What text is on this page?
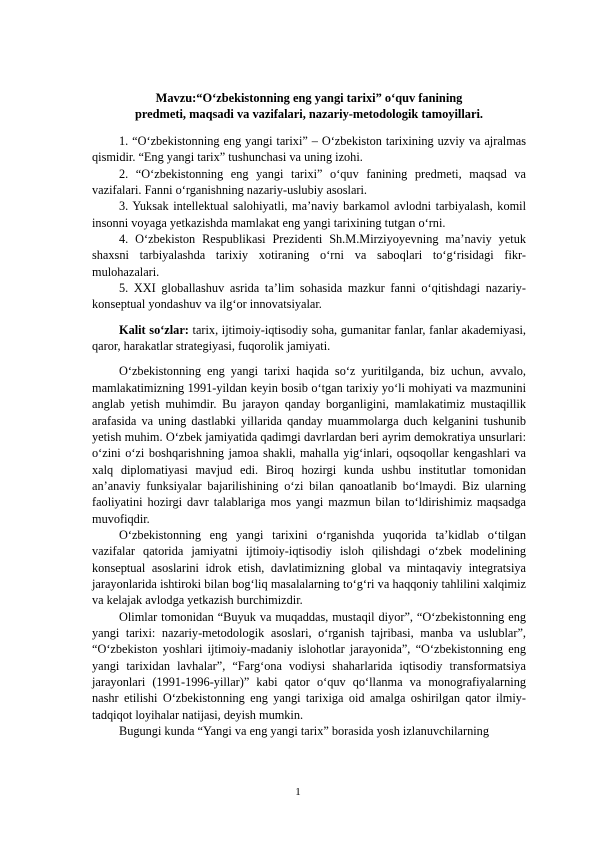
Mavzu:“O‘zbekistonning eng yangi tarixi” o‘quv fanining
predmeti, maqsadi va vazifalari, nazariy-metodologik tamoyillari.

1. “O‘zbekistonning eng yangi tarixi” – O‘zbekiston tarixining uzviy va ajralmas qismidir. “Eng yangi tarix” tushunchasi va uning izohi.

2. “O‘zbekistonning eng yangi tarixi” o‘quv fanining predmeti, maqsad va vazifalari. Fanni o‘rganishning nazariy-uslubiy asoslari.

3. Yuksak intellektual salohiyatli, ma’naviy barkamol avlodni tarbiyalash, komil insonni voyaga yetkazishda mamlakat eng yangi tarixining tutgan o‘rni.

4. O‘zbekiston Respublikasi Prezidenti Sh.M.Mirziyoyevning ma’naviy yetuk shaxsni tarbiyalashda tarixiy xotiraning o‘rni va saboqlari to‘g‘risidagi fikr-mulohazalari.

5. XXI globallashuv asrida ta’lim sohasida mazkur fanni o‘qitishdagi nazariy-konseptual yondashuv va ilg‘or innovatsiyalar.

Kalit so‘zlar: tarix, ijtimoiy-iqtisodiy soha, gumanitar fanlar, fanlar akademiyasi, qaror, harakatlar strategiyasi, fuqorolik jamiyati.

O‘zbekistonning eng yangi tarixi haqida so‘z yuritilganda, biz uchun, avvalo, mamlakatimizning 1991-yildan keyin bosib o‘tgan tarixiy yo‘li mohiyati va mazmunini anglab yetish muhimdir. Bu jarayon qanday borganligini, mamlakatimiz mustaqillik arafasida va uning dastlabki yillarida qanday muammolarga duch kelganini tushunib yetish muhim. O‘zbek jamiyatida qadimgi davrlardan beri ayrim demokratiya unsurlari: o‘zini o‘zi boshqarishning jamoa shakli, mahalla yig‘inlari, oqsoqollar kengashlari va xalq diplomatiyasi mavjud edi. Biroq hozirgi kunda ushbu institutlar tomonidan an’anaviy funksiyalar bajarilishining o‘zi bilan qanoatlanib bo‘lmaydi. Biz ularning faoliyatini hozirgi davr talablariga mos yangi mazmun bilan to‘ldirishimiz maqsadga muvofiqdir.

O‘zbekistonning eng yangi tarixini o‘rganishda yuqorida ta’kidlab o‘tilgan vazifalar qatorida jamiyatni ijtimoiy-iqtisodiy isloh qilishdagi o‘zbek modelining konseptual asoslarini idrok etish, davlatimizning global va mintaqaviy integratsiya jarayonlarida ishtiroki bilan bog‘liq masalalarning to‘g‘ri va haqqoniy tahlilini xalqimiz va kelajak avlodga yetkazish burchimizdir.

Olimlar tomonidan “Buyuk va muqaddas, mustaqil diyor”, “O‘zbekistonning eng yangi tarixi: nazariy-metodologik asoslari, o‘rganish tajribasi, manba va uslublar”, “O‘zbekiston yoshlari ijtimoiy-madaniy islohotlar jarayonida”, “O‘zbekistonning eng yangi tarixidan lavhalar”, “Farg‘ona vodiysi shaharlarida iqtisodiy transformatsiya jarayonlari (1991-1996-yillar)” kabi qator o‘quv qo‘llanma va monografiyalarning nashr etilishi O‘zbekistonning eng yangi tarixiga oid amalga oshirilgan qator ilmiy-tadqiqot loyihalar natijasi, deyish mumkin.

Bugungi kunda “Yangi va eng yangi tarix” borasida yosh izlanuvchilarning

1
